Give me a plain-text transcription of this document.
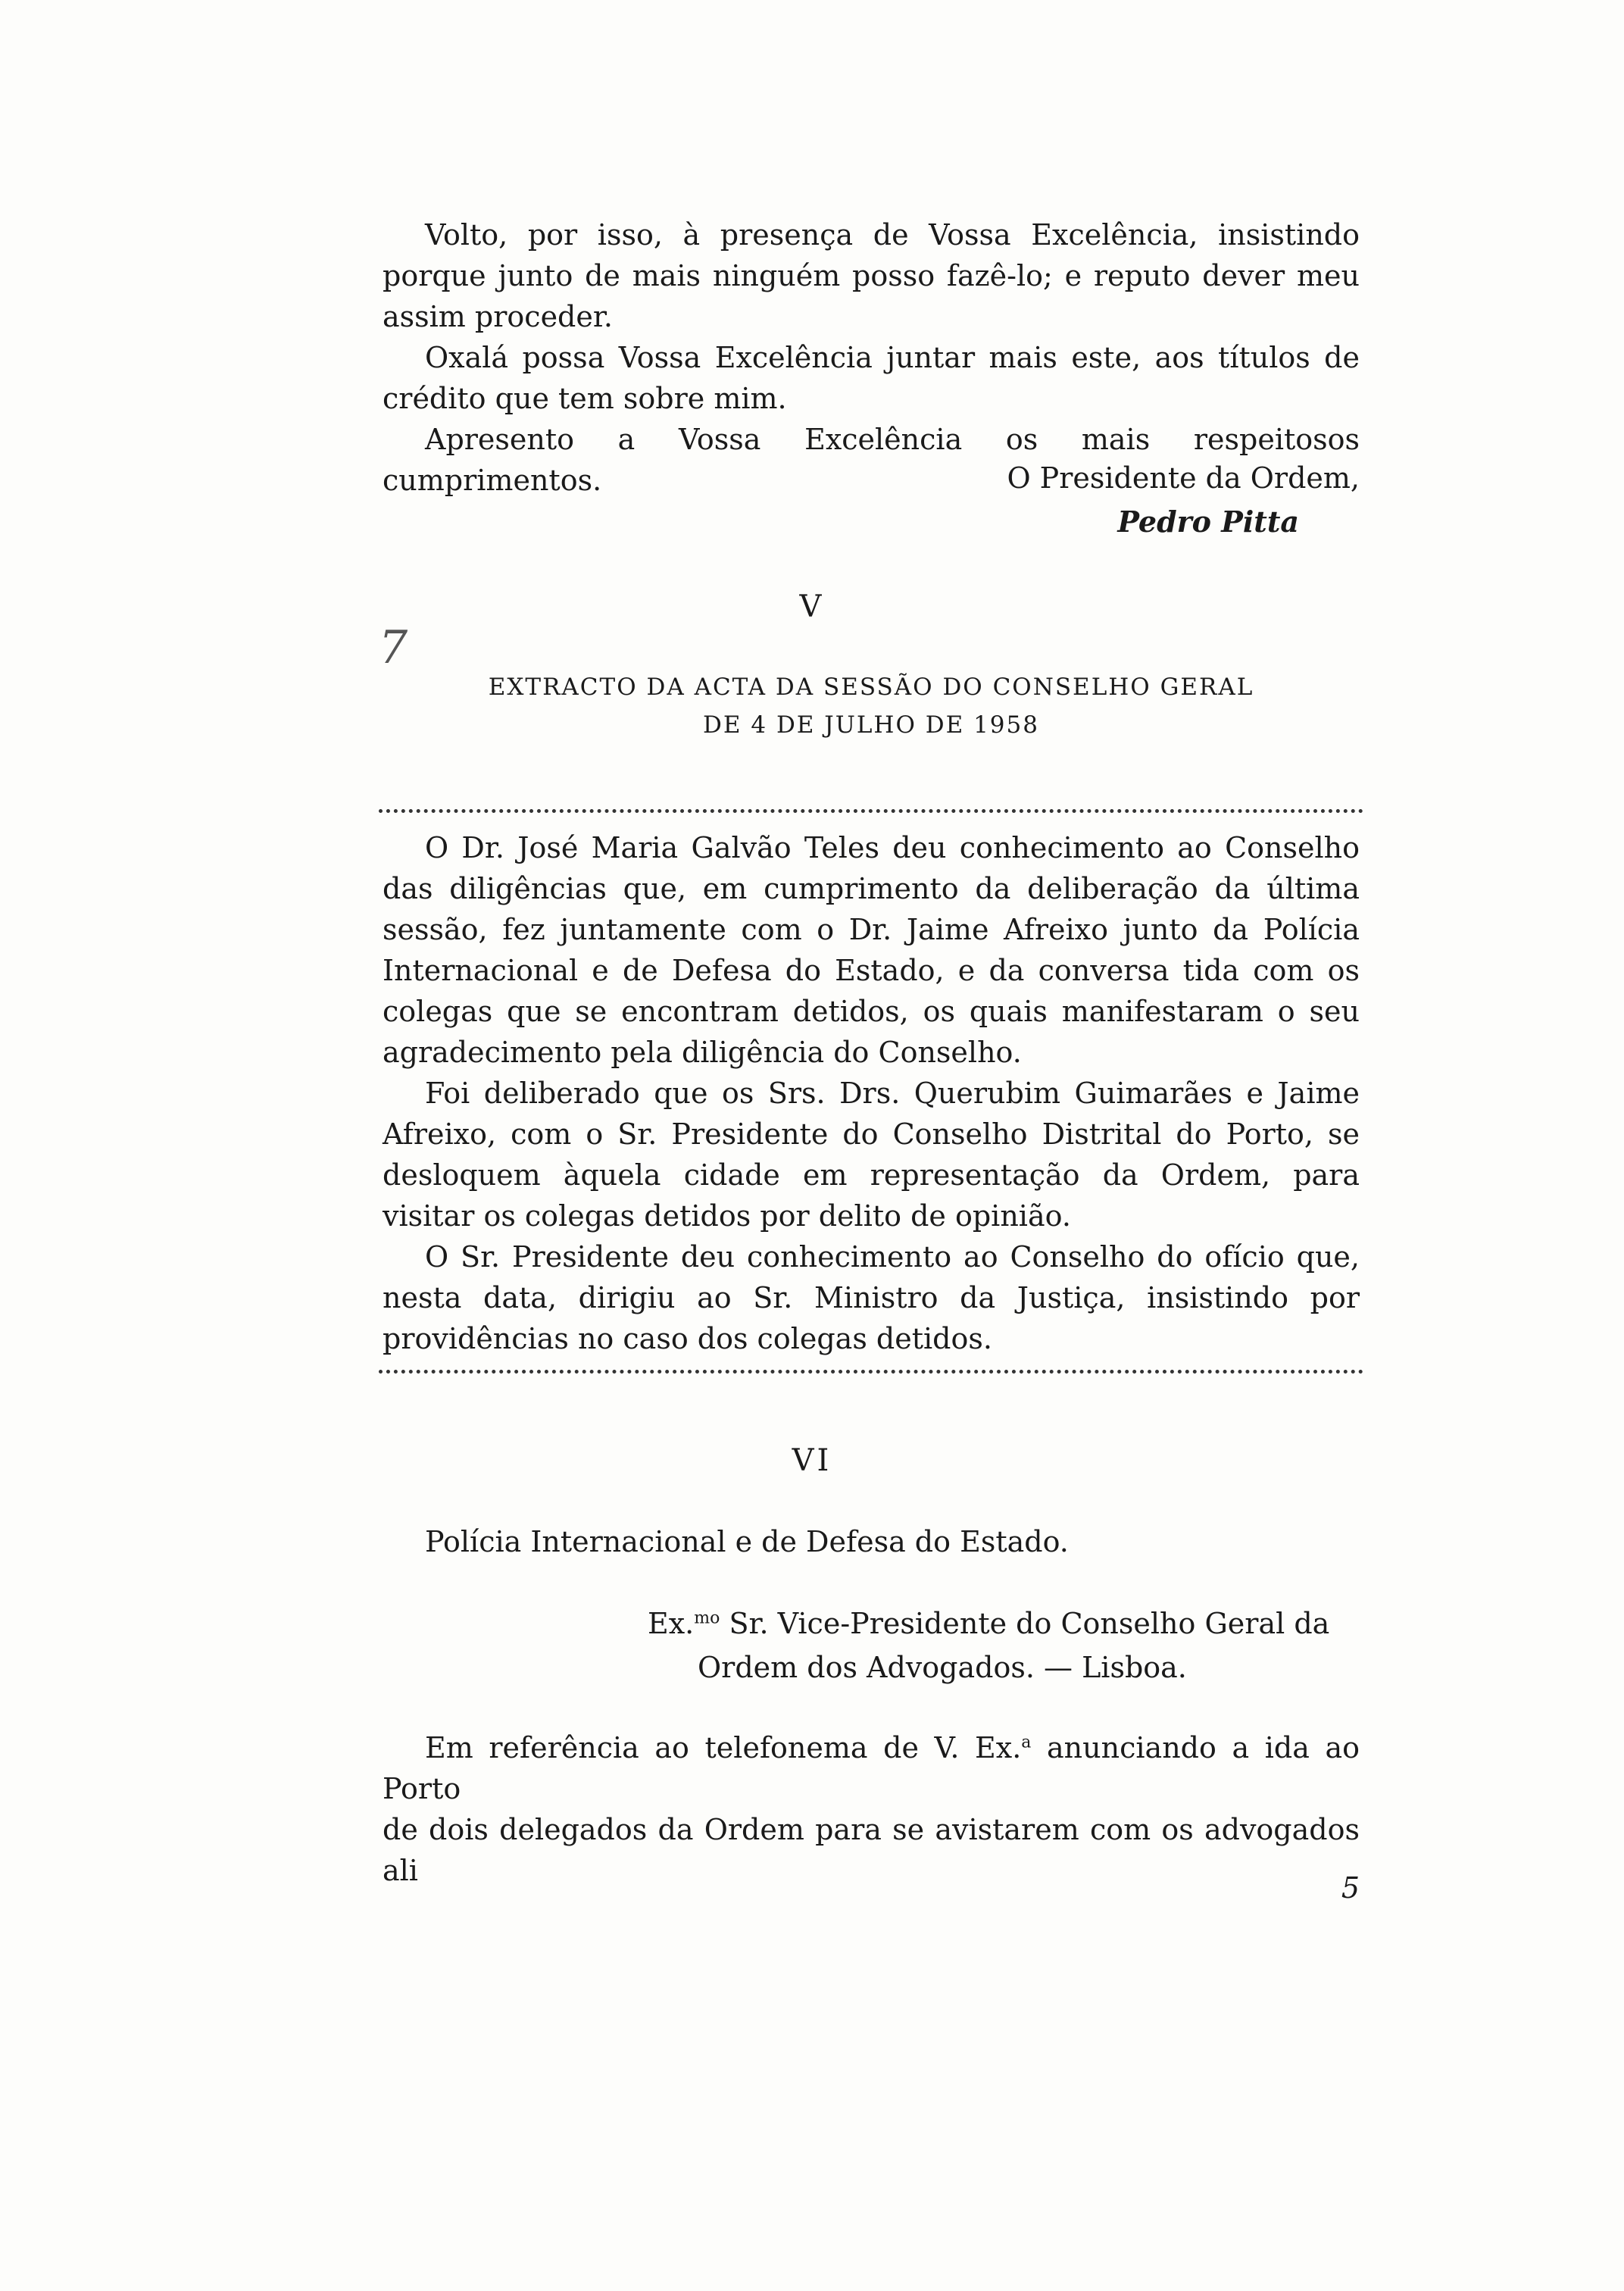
Volto, por isso, à presença de Vossa Excelência, insistindo porque junto de mais ninguém posso fazê-lo; e reputo dever meu assim proceder.

Oxalá possa Vossa Excelência juntar mais este, aos títulos de crédito que tem sobre mim.

Apresento a Vossa Excelência os mais respeitosos cumprimentos.	O Presidente da Ordem,
Pedro Pitta
V
7
EXTRACTO DA ACTA DA SESSÃO DO CONSELHO GERAL
DE 4 DE JULHO DE 1958

O Dr. José Maria Galvão Teles deu conhecimento ao Conselho das diligências que, em cumprimento da deliberação da última sessão, fez juntamente com o Dr. Jaime Afreixo junto da Polícia Internacional e de Defesa do Estado, e da conversa tida com os colegas que se encontram detidos, os quais manifestaram o seu agradecimento pela diligência do Conselho.

Foi deliberado que os Srs. Drs. Querubim Guimarães e Jaime Afreixo, com o Sr. Presidente do Conselho Distrital do Porto, se desloquem àquela cidade em representação da Ordem, para visitar os colegas detidos por delito de opinião.

O Sr. Presidente deu conhecimento ao Conselho do ofício que, nesta data, dirigiu ao Sr. Ministro da Justiça, insistindo por providências no caso dos colegas detidos.

VI

Polícia Internacional e de Defesa do Estado.

Ex.$^{mo}$ Sr. Vice-Presidente do Conselho Geral da
Ordem dos Advogados. — Lisboa.
Em referência ao telefonema de V. Ex.$^a$ anunciando a ida ao Porto
de dois delegados da Ordem para se avistarem com os advogados ali
5
